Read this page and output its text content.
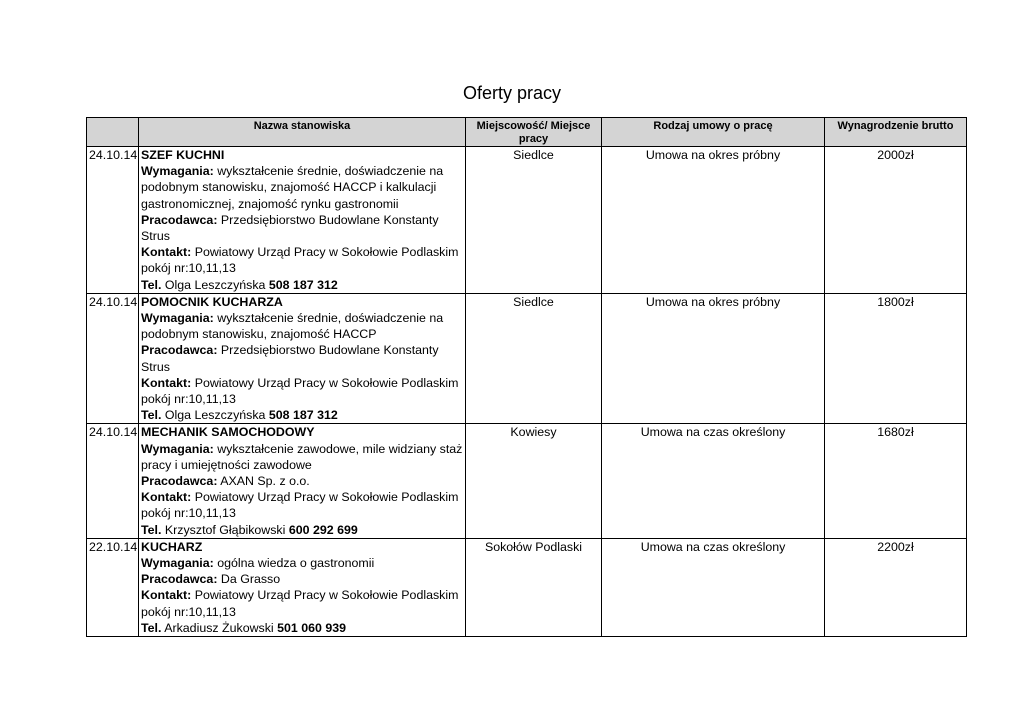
Oferty pracy
	Nazwa stanowiska	Miejscowość/ Miejsce pracy	Rodzaj umowy o pracę	Wynagrodzenie brutto
24.10.14	SZEF KUCHNI
Wymagania: wykształcenie średnie, doświadczenie na podobnym stanowisku, znajomość HACCP i kalkulacji gastronomicznej, znajomość rynku gastronomii
Pracodawca: Przedsiębiorstwo Budowlane Konstanty Strus
Kontakt: Powiatowy Urząd Pracy w Sokołowie Podlaskim pokój nr:10,11,13
Tel. Olga Leszczyńska 508 187 312	Siedlce	Umowa na okres próbny	2000zł
24.10.14	POMOCNIK KUCHARZA
Wymagania: wykształcenie średnie, doświadczenie na podobnym stanowisku, znajomość HACCP
Pracodawca: Przedsiębiorstwo Budowlane Konstanty Strus
Kontakt: Powiatowy Urząd Pracy w Sokołowie Podlaskim pokój nr:10,11,13
Tel. Olga Leszczyńska 508 187 312	Siedlce	Umowa na okres próbny	1800zł
24.10.14	MECHANIK SAMOCHODOWY
Wymagania: wykształcenie zawodowe, mile widziany staż pracy i umiejętności zawodowe
Pracodawca: AXAN Sp. z o.o.
Kontakt: Powiatowy Urząd Pracy w Sokołowie Podlaskim pokój nr:10,11,13
Tel. Krzysztof Głąbikowski 600 292 699	Kowiesy	Umowa na czas określony	1680zł
22.10.14	KUCHARZ
Wymagania: ogólna wiedza o gastronomii
Pracodawca: Da Grasso
Kontakt: Powiatowy Urząd Pracy w Sokołowie Podlaskim pokój nr:10,11,13
Tel. Arkadiusz Żukowski 501 060 939	Sokołów Podlaski	Umowa na czas określony	2200zł
